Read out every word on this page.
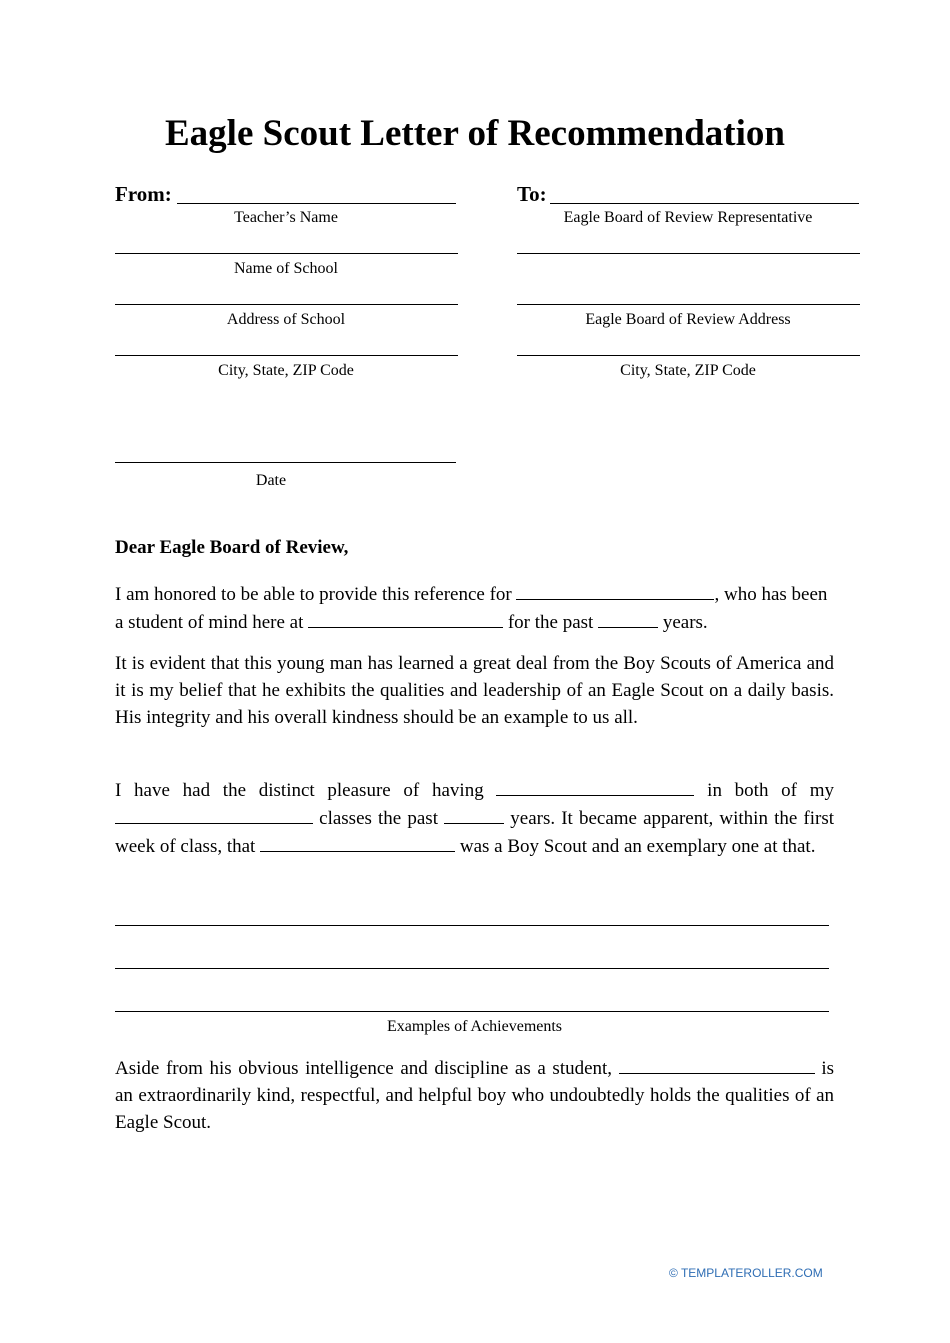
Eagle Scout Letter of Recommendation
From:
Teacher’s Name
Name of School
Address of School
City, State, ZIP Code
Date
To:
Eagle Board of Review Representative
Eagle Board of Review Address
City, State, ZIP Code
Dear Eagle Board of Review,
I am honored to be able to provide this reference for	, who has been a student of mind here at	for the past	years.
It is evident that this young man has learned a great deal from the Boy Scouts of America and it is my belief that he exhibits the qualities and leadership of an Eagle Scout on a daily basis. His integrity and his overall kindness should be an example to us all.
I have had the distinct pleasure of having	in both of my  classes the past	years. It became apparent, within the first week of class, that	was a Boy Scout and an exemplary one at that.
Examples of Achievements
Aside from his obvious intelligence and discipline as a student,	is an extraordinarily kind, respectful, and helpful boy who undoubtedly holds the qualities of an Eagle Scout.
© TEMPLATEROLLER.COM
